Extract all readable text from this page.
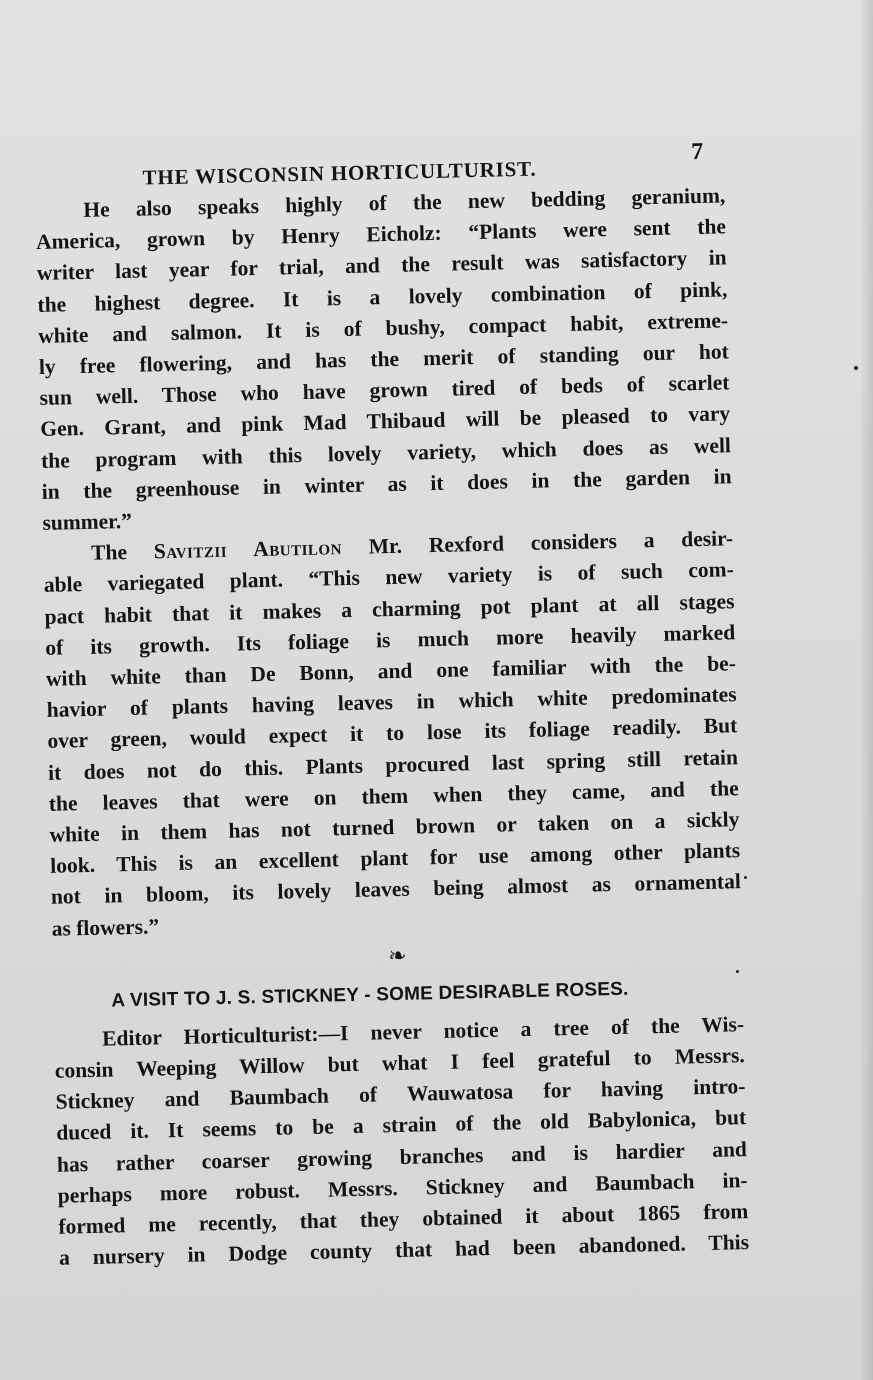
THE WISCONSIN HORTICULTURIST.
7

He also speaks highly of the new bedding geranium,
America, grown by Henry Eicholz: “Plants were sent the
writer last year for trial, and the result was satisfactory in
the highest degree. It is a lovely combination of pink,
white and salmon. It is of bushy, compact habit, extreme-
ly free flowering, and has the merit of standing our hot
sun well. Those who have grown tired of beds of scarlet
Gen. Grant, and pink Mad Thibaud will be pleased to vary
the program with this lovely variety, which does as well
in the greenhouse in winter as it does in the garden in
summer.”

The Savitzii Abutilon Mr. Rexford considers a desir-
able variegated plant. “This new variety is of such com-
pact habit that it makes a charming pot plant at all stages
of its growth. Its foliage is much more heavily marked
with white than De Bonn, and one familiar with the be-
havior of plants having leaves in which white predominates
over green, would expect it to lose its foliage readily. But
it does not do this. Plants procured last spring still retain
the leaves that were on them when they came, and the
white in them has not turned brown or taken on a sickly
look. This is an excellent plant for use among other plants
not in bloom, its lovely leaves being almost as ornamental
as flowers.”

❧
A VISIT TO J. S. STICKNEY - SOME DESIRABLE ROSES.

Editor Horticulturist:—I never notice a tree of the Wis-
consin Weeping Willow but what I feel grateful to Messrs.
Stickney and Baumbach of Wauwatosa for having intro-
duced it. It seems to be a strain of the old Babylonica, but
has rather coarser growing branches and is hardier and
perhaps more robust. Messrs. Stickney and Baumbach in-
formed me recently, that they obtained it about 1865 from
a nursery in Dodge county that had been abandoned. This
